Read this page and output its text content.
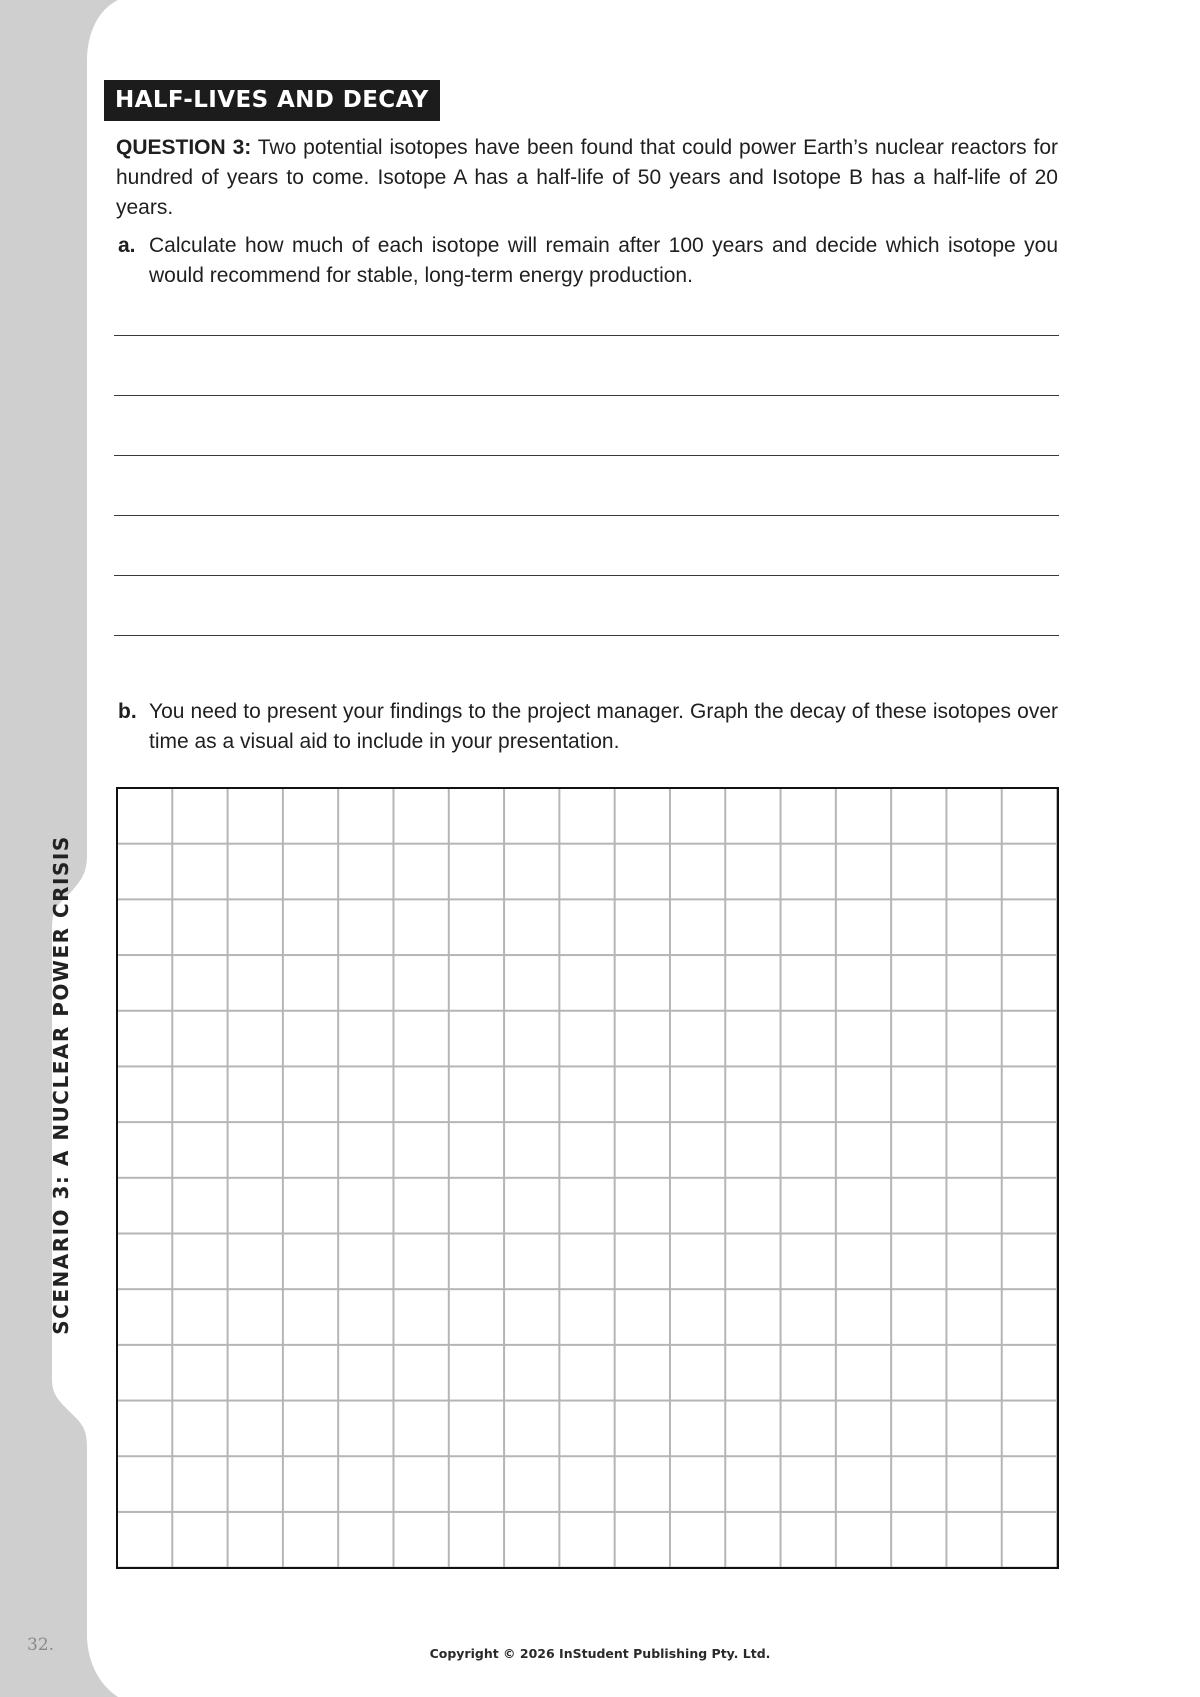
SCENARIO 3: A NUCLEAR POWER CRISIS
32.
HALF-LIVES AND DECAY

QUESTION 3: Two potential isotopes have been found that could power Earth’s nuclear reactors for hundred of years to come. Isotope A has a half-life of 50 years and Isotope B has a half-life of 20 years.

a. Calculate how much of each isotope will remain after 100 years and decide which isotope you would recommend for stable, long-term energy production.
b. You need to present your findings to the project manager. Graph the decay of these isotopes over time as a visual aid to include in your presentation.
Copyright © 2026 InStudent Publishing Pty. Ltd.
